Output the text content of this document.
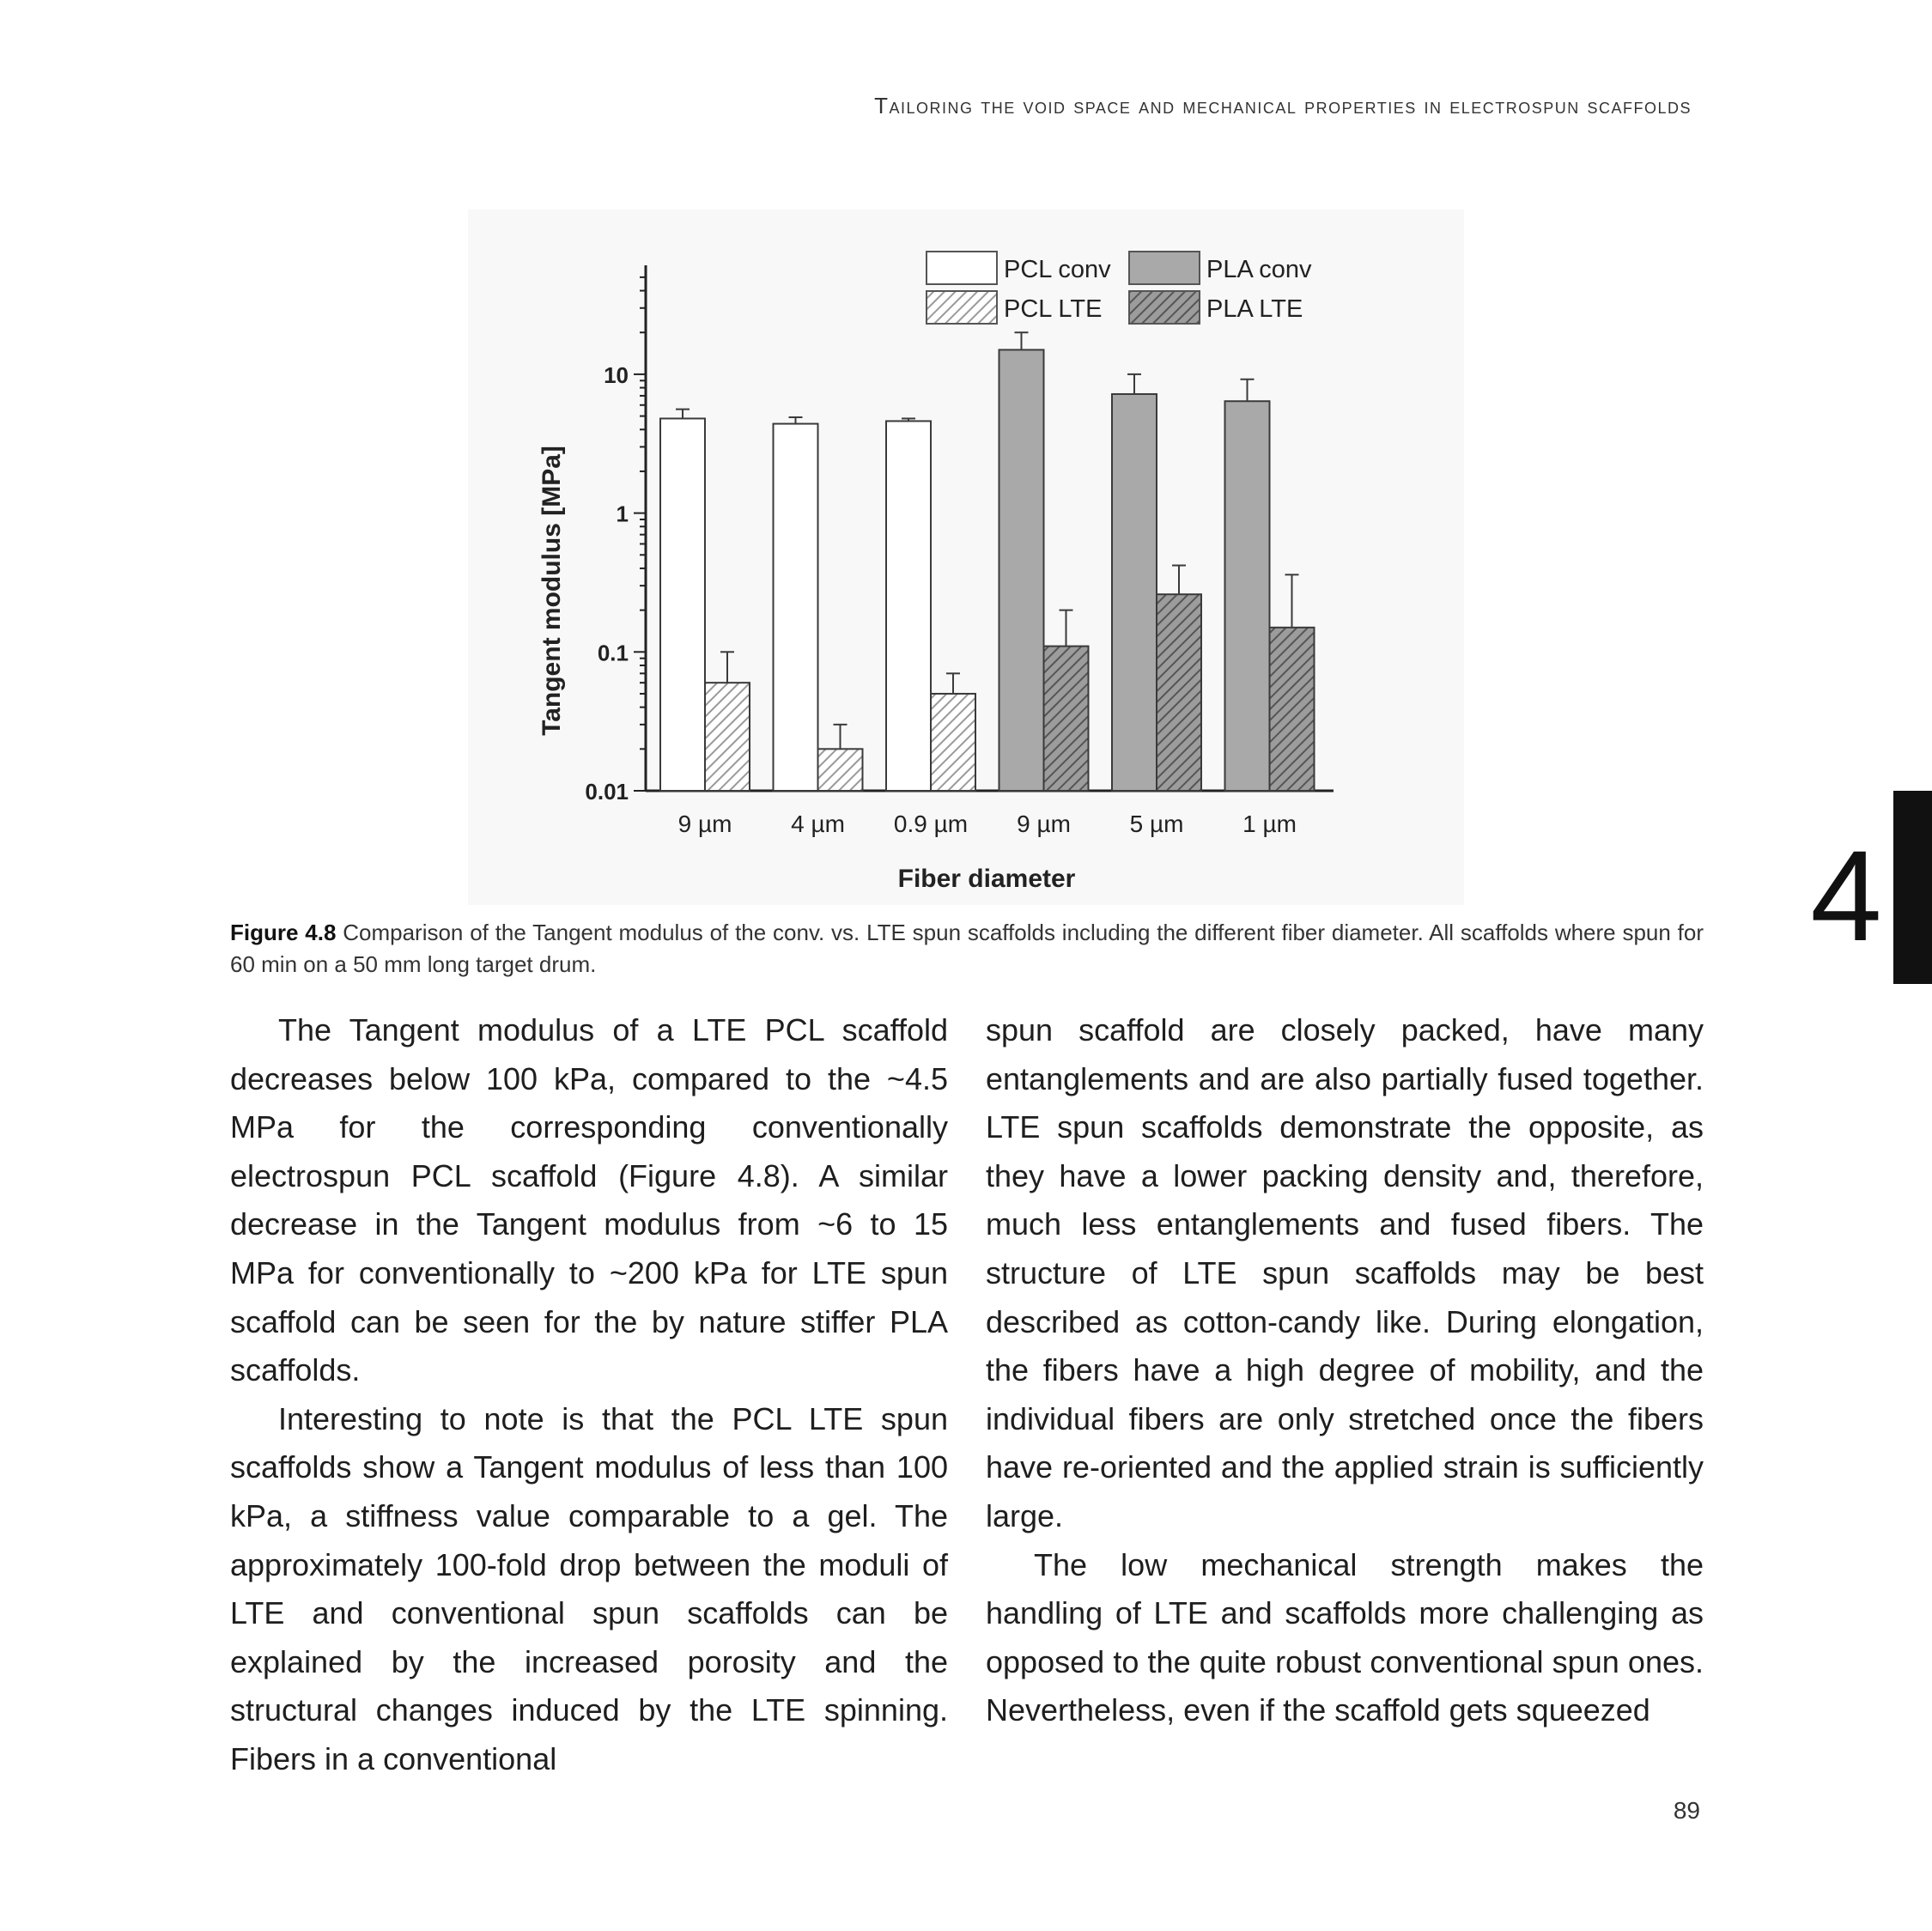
Tailoring the void space and mechanical properties in electrospun scaffolds
4
0.01
0.1
1
10
9 µm 4 µm 0.9 µm 9 µm 5 µm 1 µm
PCL conv
PCL LTE
PLA conv
PLA LTE
Tangent modulus [MPa]
Fiber diameter
Figure 4.8 Comparison of the Tangent modulus of the conv. vs. LTE spun scaffolds including the different fiber diameter. All scaffolds where spun for 60 min on a 50 mm long target drum.

The Tangent modulus of a LTE PCL scaffold decreases below 100 kPa, compared to the ~4.5 MPa for the corresponding conventionally electrospun PCL scaffold (Figure 4.8). A similar decrease in the Tangent modulus from ~6 to 15 MPa for conventionally to ~200 kPa for LTE spun scaffold can be seen for the by nature stiffer PLA scaffolds.

Interesting to note is that the PCL LTE spun scaffolds show a Tangent modulus of less than 100 kPa, a stiffness value comparable to a gel. The approximately 100-fold drop between the moduli of LTE and conventional spun scaffolds can be explained by the increased porosity and the structural changes induced by the LTE spinning. Fibers in a conventional

spun scaffold are closely packed, have many entanglements and are also partially fused together. LTE spun scaffolds demonstrate the opposite, as they have a lower packing density and, therefore, much less entanglements and fused fibers. The structure of LTE spun scaffolds may be best described as cotton-candy like. During elongation, the fibers have a high degree of mobility, and the individual fibers are only stretched once the fibers have re-oriented and the applied strain is sufficiently large.

The low mechanical strength makes the handling of LTE and scaffolds more challenging as opposed to the quite robust conventional spun ones. Nevertheless, even if the scaffold gets squeezed

89
